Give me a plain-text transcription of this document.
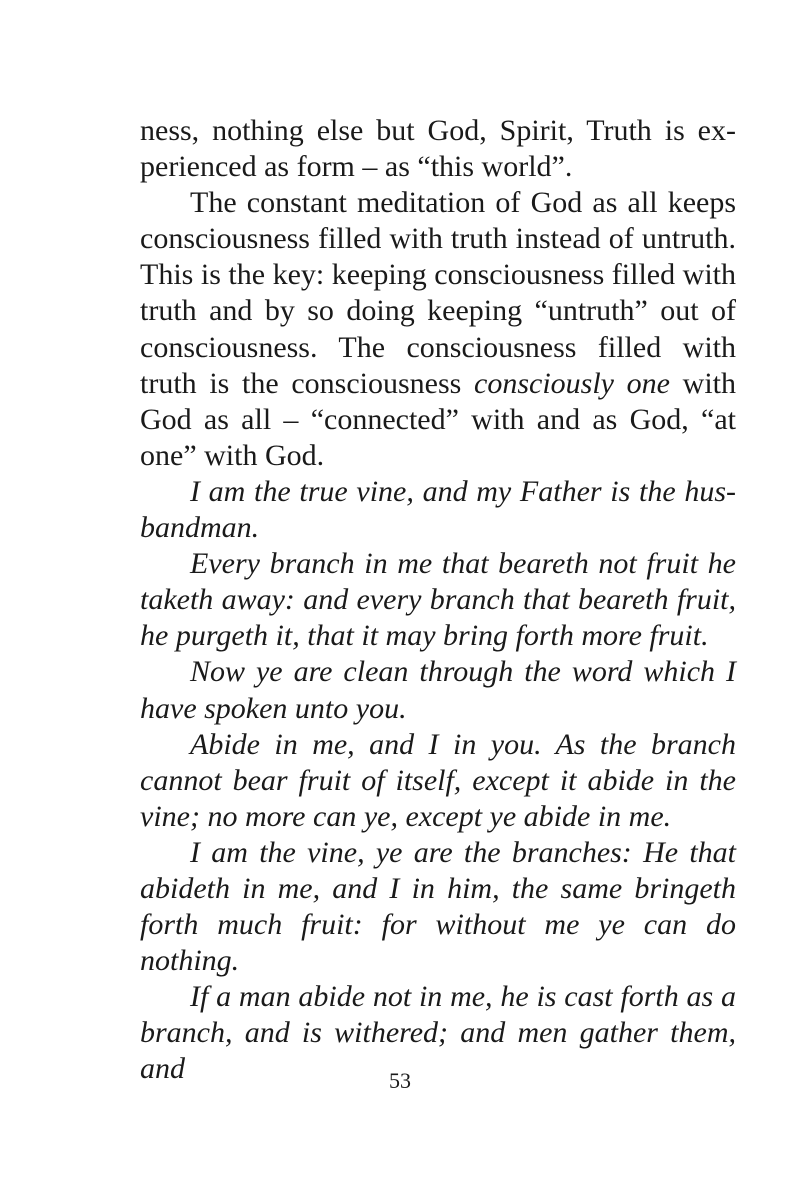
ness, nothing else but God, Spirit, Truth is experienced as form – as “this world”.

The constant meditation of God as all keeps consciousness filled with truth instead of untruth. This is the key: keeping consciousness filled with truth and by so doing keeping “untruth” out of consciousness. The consciousness filled with truth is the consciousness consciously one with God as all – “connected” with and as God, “at one” with God.

I am the true vine, and my Father is the husbandman.

Every branch in me that beareth not fruit he taketh away: and every branch that beareth fruit, he purgeth it, that it may bring forth more fruit.

Now ye are clean through the word which I have spoken unto you.

Abide in me, and I in you. As the branch cannot bear fruit of itself, except it abide in the vine; no more can ye, except ye abide in me.

I am the vine, ye are the branches: He that abideth in me, and I in him, the same bringeth forth much fruit: for without me ye can do nothing.

If a man abide not in me, he is cast forth as a branch, and is withered; and men gather them, and	53
